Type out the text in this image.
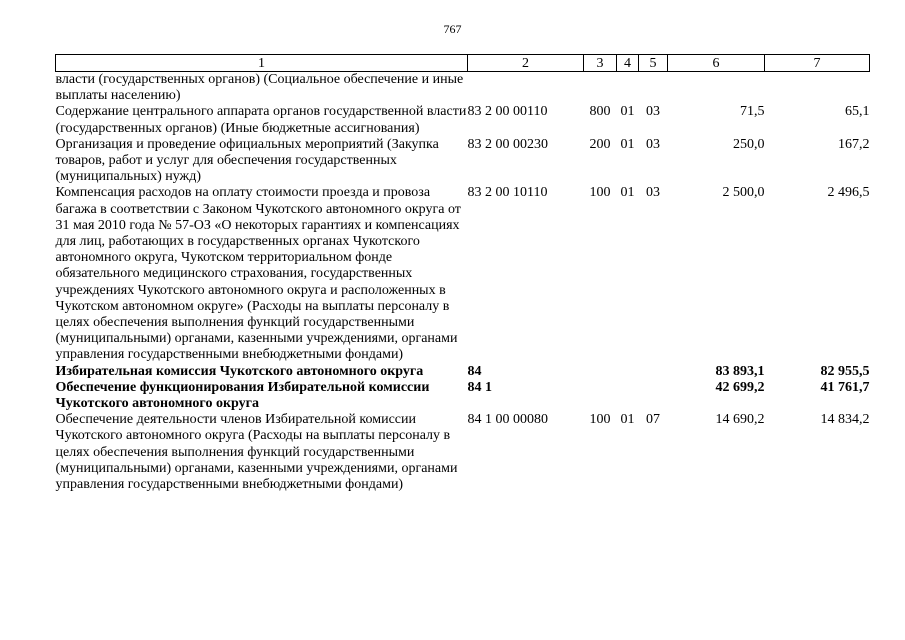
767
1	2	3	4	5	6	7
власти (государственных органов) (Социальное обеспечение и иные выплаты населению)						
Содержание центрального аппарата органов государственной власти (государственных органов) (Иные бюджетные ассигнования)	83 2 00 00110	800	01	03	71,5	65,1
Организация и проведение официальных мероприятий (Закупка товаров, работ и услуг для обеспечения государственных (муниципальных) нужд)	83 2 00 00230	200	01	03	250,0	167,2
Компенсация расходов на оплату стоимости проезда и провоза багажа в соответствии с Законом Чукотского автономного округа от 31 мая 2010 года № 57-ОЗ «О некоторых гарантиях и компенсациях для лиц, работающих в государственных органах Чукотского автономного округа, Чукотском территориальном фонде обязательного медицинского страхования, государственных учреждениях Чукотского автономного округа и расположенных в Чукотском автономном округе» (Расходы на выплаты персоналу в целях обеспечения выполнения функций государственными (муниципальными) органами, казенными учреждениями, органами управления государственными внебюджетными фондами)	83 2 00 10110	100	01	03	2 500,0	2 496,5
Избирательная комиссия Чукотского автономного округа	84				83 893,1	82 955,5
Обеспечение функционирования Избирательной комиссии Чукотского автономного округа	84 1				42 699,2	41 761,7
Обеспечение деятельности членов Избирательной комиссии Чукотского автономного округа (Расходы на выплаты персоналу в целях обеспечения выполнения функций государственными (муниципальными) органами, казенными учреждениями, органами управления государственными внебюджетными фондами)	84 1 00 00080	100	01	07	14 690,2	14 834,2
